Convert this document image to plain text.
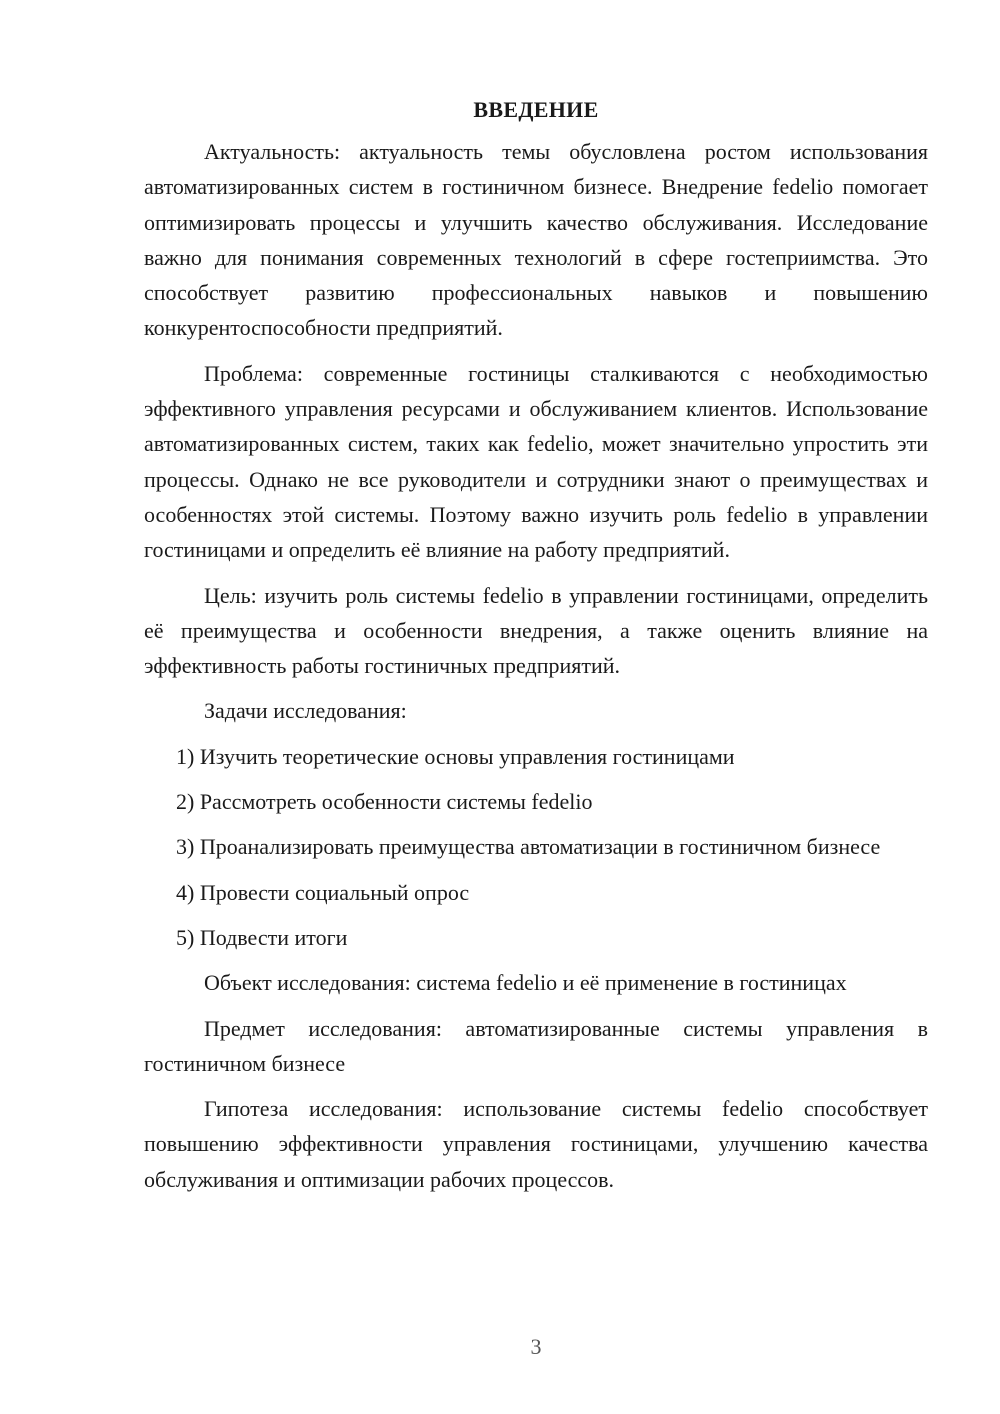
ВВЕДЕНИЕ

Актуальность: актуальность темы обусловлена ростом использования автоматизированных систем в гостиничном бизнесе. Внедрение fedelio помогает оптимизировать процессы и улучшить качество обслуживания. Исследование важно для понимания современных технологий в сфере гостеприимства. Это способствует развитию профессиональных навыков и повышению конкурентоспособности предприятий.

Проблема: современные гостиницы сталкиваются с необходимостью эффективного управления ресурсами и обслуживанием клиентов. Использование автоматизированных систем, таких как fedelio, может значительно упростить эти процессы. Однако не все руководители и сотрудники знают о преимуществах и особенностях этой системы. Поэтому важно изучить роль fedelio в управлении гостиницами и определить её влияние на работу предприятий.

Цель: изучить роль системы fedelio в управлении гостиницами, определить её преимущества и особенности внедрения, а также оценить влияние на эффективность работы гостиничных предприятий.

Задачи исследования:

1) Изучить теоретические основы управления гостиницами

2) Рассмотреть особенности системы fedelio

3) Проанализировать преимущества автоматизации в гостиничном бизнесе

4) Провести социальный опрос

5) Подвести итоги

Объект исследования: система fedelio и её применение в гостиницах

Предмет исследования: автоматизированные системы управления в гостиничном бизнесе

Гипотеза исследования: использование системы fedelio способствует повышению эффективности управления гостиницами, улучшению качества обслуживания и оптимизации рабочих процессов.

3
